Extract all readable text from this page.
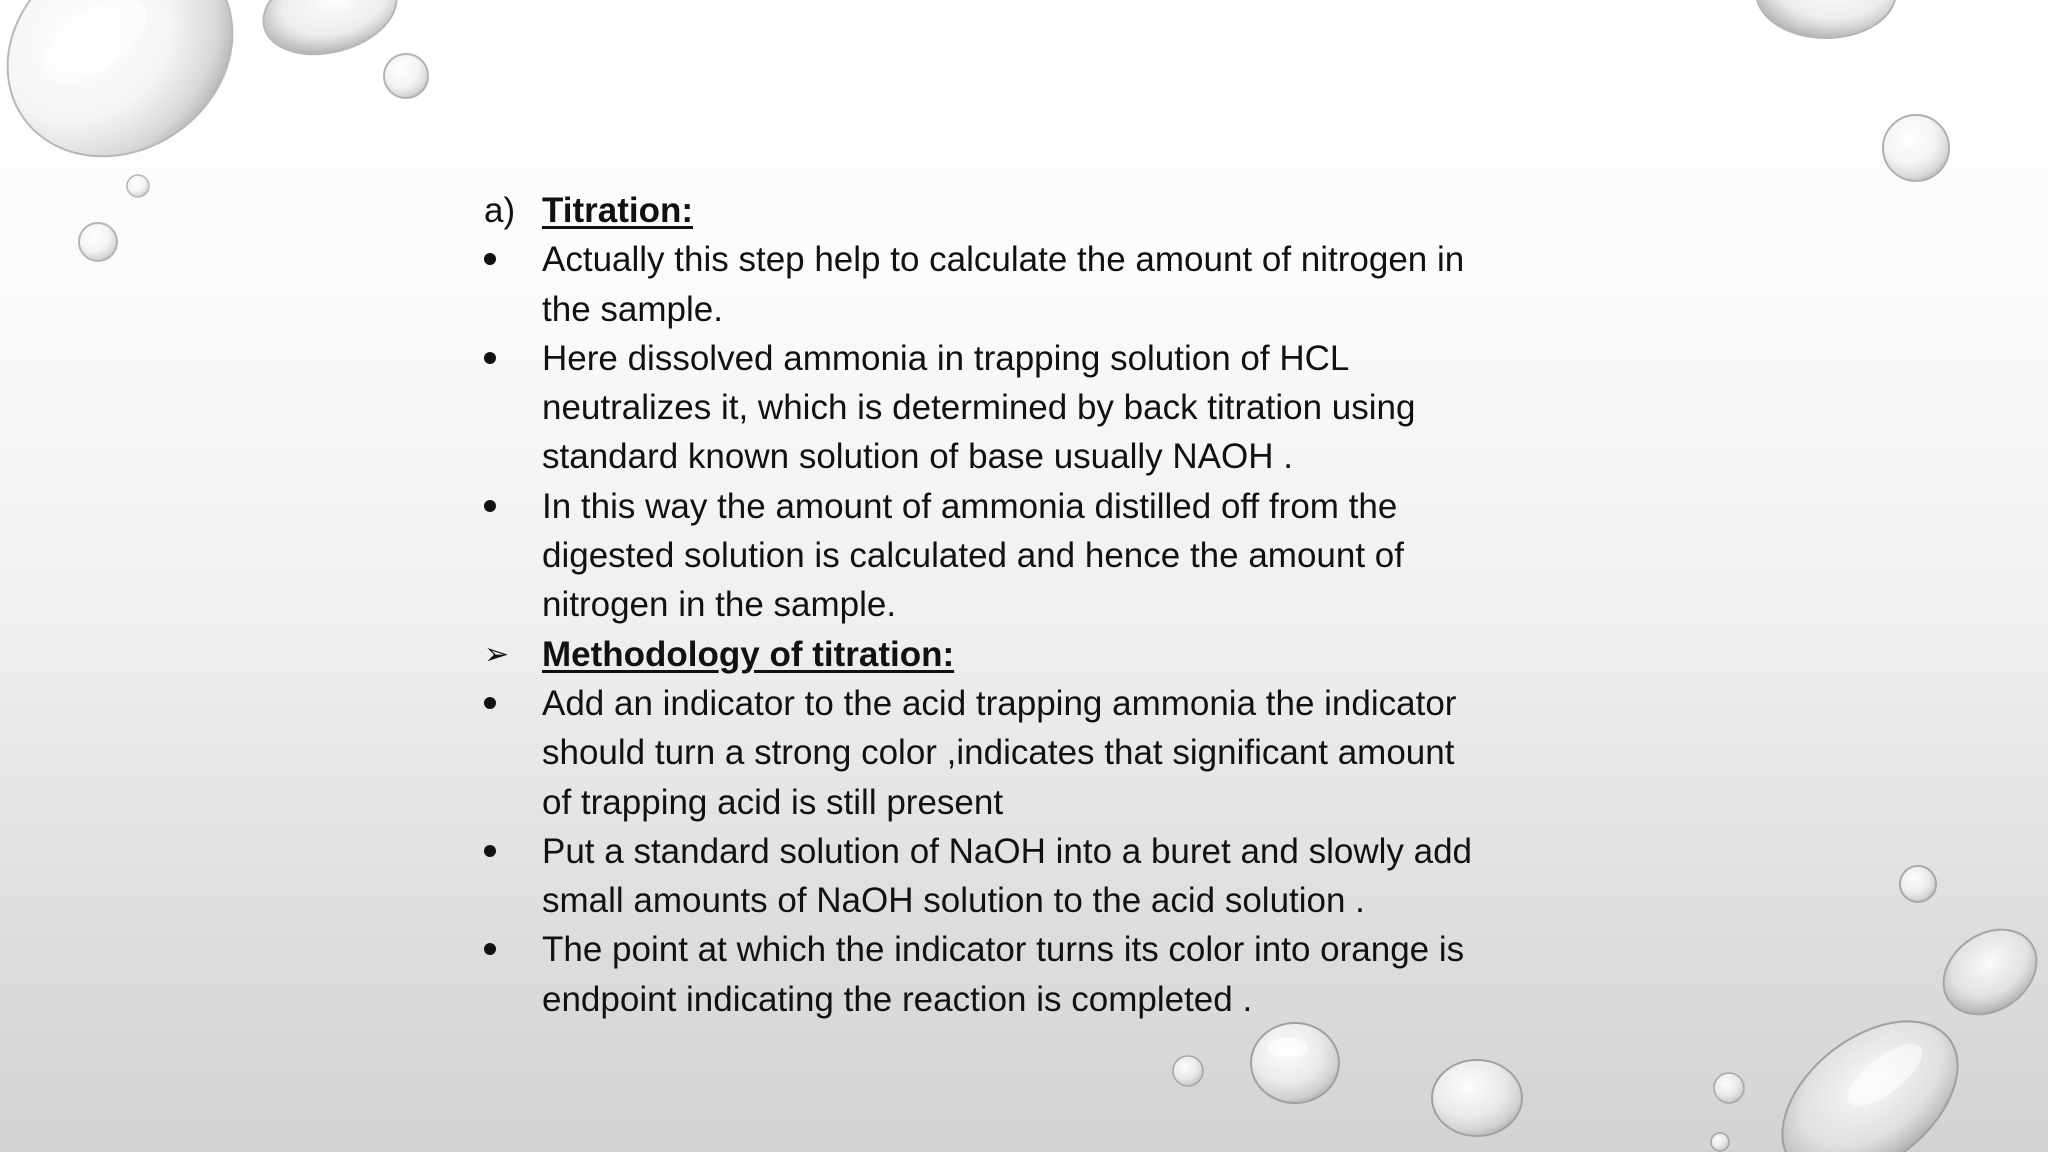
a) Titration:
Actually this step help to calculate the amount of nitrogen in the sample.
Here dissolved ammonia in trapping solution of HCL neutralizes it, which is determined by back titration using standard known solution of base usually NAOH .
In this way the amount of ammonia distilled off from the digested solution is calculated and hence the amount of nitrogen in the sample.
➢ Methodology of titration:
Add an indicator to the acid trapping ammonia the indicator should turn a strong color ,indicates that significant amount of trapping acid is still present
Put a standard solution of NaOH into a buret and slowly add small amounts of NaOH solution to the acid solution .
The point at which the indicator turns its color into orange is endpoint indicating the reaction is completed .
